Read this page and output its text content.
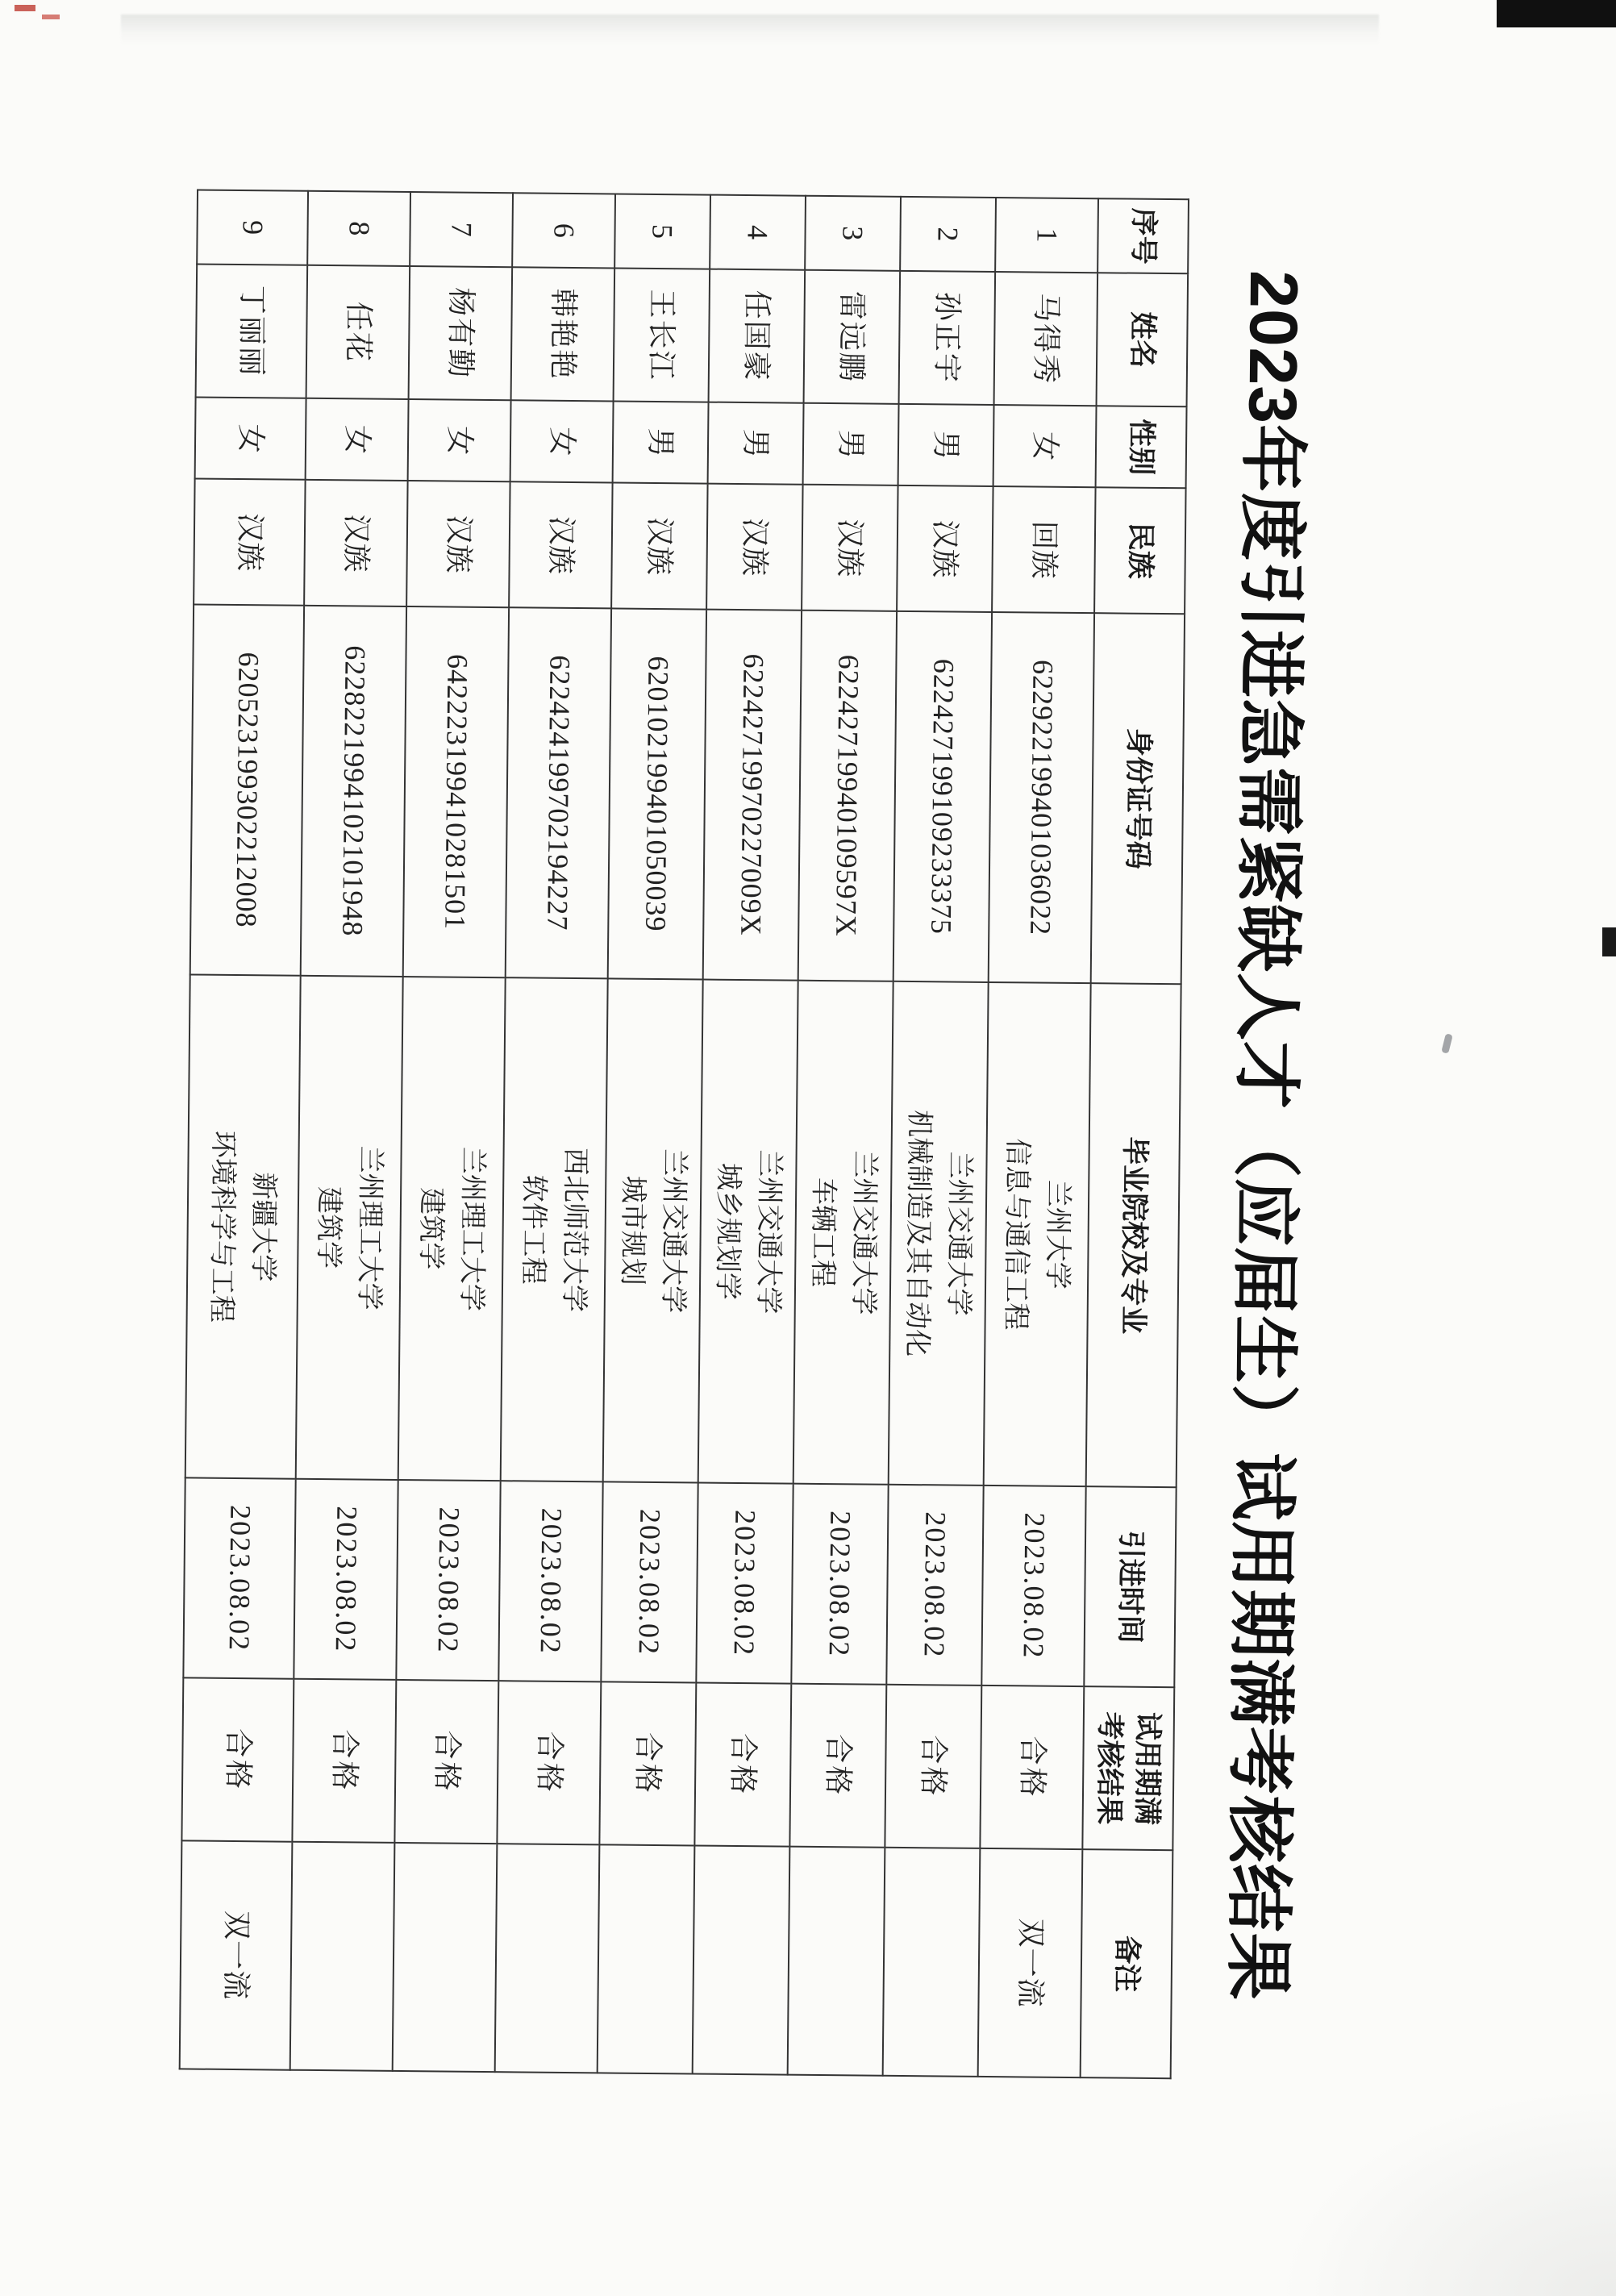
2023年度引进急需紧缺人才（应届生）试用期满考核结果
序号	姓名	性别	民族	身份证号码	毕业院校及专业	引进时间	试用期满
考核结果	备注
1	马得秀	女	回族	622922199401036022	兰州大学
信息与通信工程	2023.08.02	合格	双一流
2	孙正宇	男	汉族	622427199109233375	兰州交通大学
机械制造及其自动化	2023.08.02	合格	
3	雷远鹏	男	汉族	62242719940109597X	兰州交通大学
车辆工程	2023.08.02	合格	
4	任国豪	男	汉族	62242719970227009X	兰州交通大学
城乡规划学	2023.08.02	合格	
5	王长江	男	汉族	620102199401050039	兰州交通大学
城市规划	2023.08.02	合格	
6	韩艳艳	女	汉族	622424199702194227	西北师范大学
软件工程	2023.08.02	合格	
7	杨有勤	女	汉族	642223199410281501	兰州理工大学
建筑学	2023.08.02	合格	
8	任花	女	汉族	6228221994102101948	兰州理工大学
建筑学	2023.08.02	合格	
9	丁丽丽	女	汉族	620523199302212008	新疆大学
环境科学与工程	2023.08.02	合格	双一流
